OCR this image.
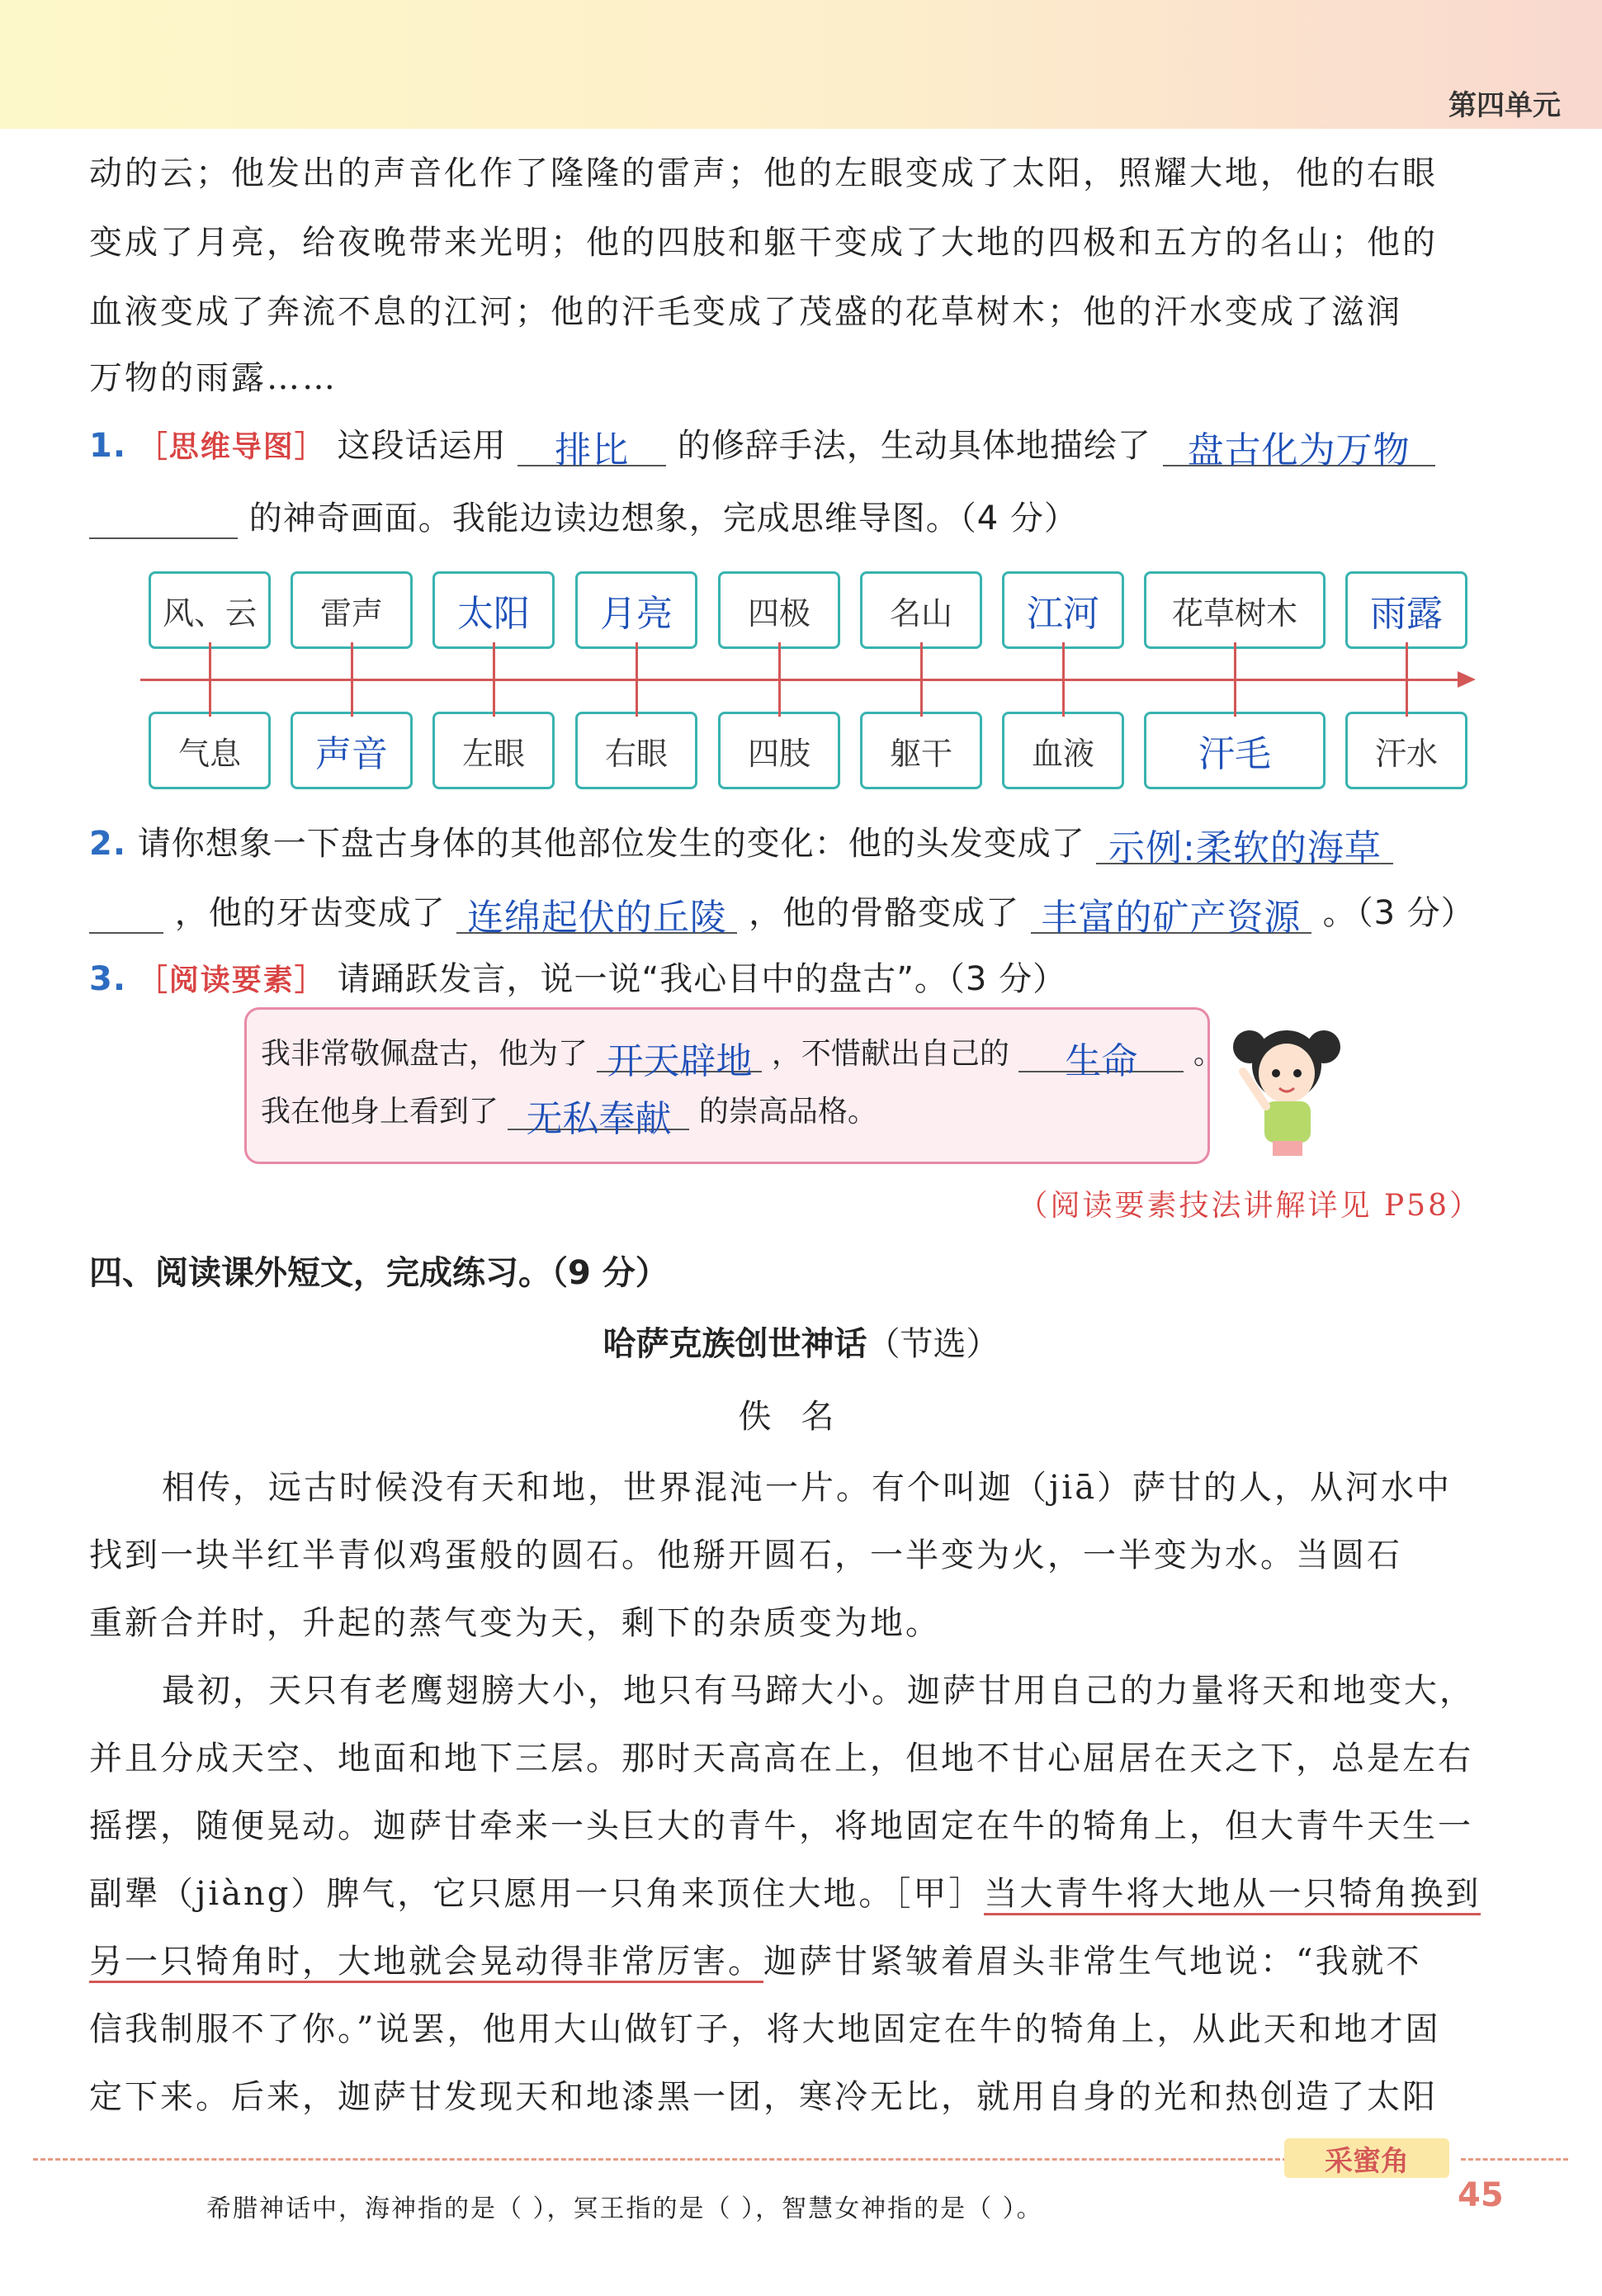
第四单元
动的云；他发出的声音化作了隆隆的雷声；他的左眼变成了太阳，照耀大地，他的右眼
变成了月亮，给夜晚带来光明；他的四肢和躯干变成了大地的四极和五方的名山；他的
血液变成了奔流不息的江河；他的汗毛变成了茂盛的花草树木；他的汗水变成了滋润
万物的雨露……
1. ［思维导图］ 这段话运用 排比 的修辞手法，生动具体地描绘了 盘古化为万物
的神奇画面。我能边读边想象，完成思维导图。（4 分）
风、云	雷声	太阳	月亮	四极	名山	江河	花草树木	雨露
气息	声音	左眼	右眼	四肢	躯干	血液	汗毛	汗水
2. 请你想象一下盘古身体的其他部位发生的变化：他的头发变成了 示例:柔软的海草
，他的牙齿变成了 连绵起伏的丘陵 ，他的骨骼变成了 丰富的矿产资源 。（3 分）
3. ［阅读要素］ 请踊跃发言，说一说“我心目中的盘古”。（3 分）
我非常敬佩盘古，他为了 开天辟地 ，不惜献出自己的 生命 。
我在他身上看到了 无私奉献 的崇高品格。
（阅读要素技法讲解详见 P58）
四、阅读课外短文，完成练习。（9 分）
哈萨克族创世神话（节选）
佚名
相传，远古时候没有天和地，世界混沌一片。有个叫迦（jiā）萨甘的人，从河水中
找到一块半红半青似鸡蛋般的圆石。他掰开圆石，一半变为火，一半变为水。当圆石
重新合并时，升起的蒸气变为天，剩下的杂质变为地。
最初，天只有老鹰翅膀大小，地只有马蹄大小。迦萨甘用自己的力量将天和地变大，
并且分成天空、地面和地下三层。那时天高高在上，但地不甘心屈居在天之下，总是左右
摇摆，随便晃动。迦萨甘牵来一头巨大的青牛，将地固定在牛的犄角上，但大青牛天生一
副犟（jiàng）脾气，它只愿用一只角来顶住大地。［甲］当大青牛将大地从一只犄角换到
另一只犄角时，大地就会晃动得非常厉害。迦萨甘紧皱着眉头非常生气地说：“我就不
信我制服不了你。”说罢，他用大山做钉子，将大地固定在牛的犄角上，从此天和地才固
定下来。后来，迦萨甘发现天和地漆黑一团，寒冷无比，就用自身的光和热创造了太阳
采蜜角
希腊神话中，海神指的是（ ），冥王指的是（ ），智慧女神指的是（ ）。	45
